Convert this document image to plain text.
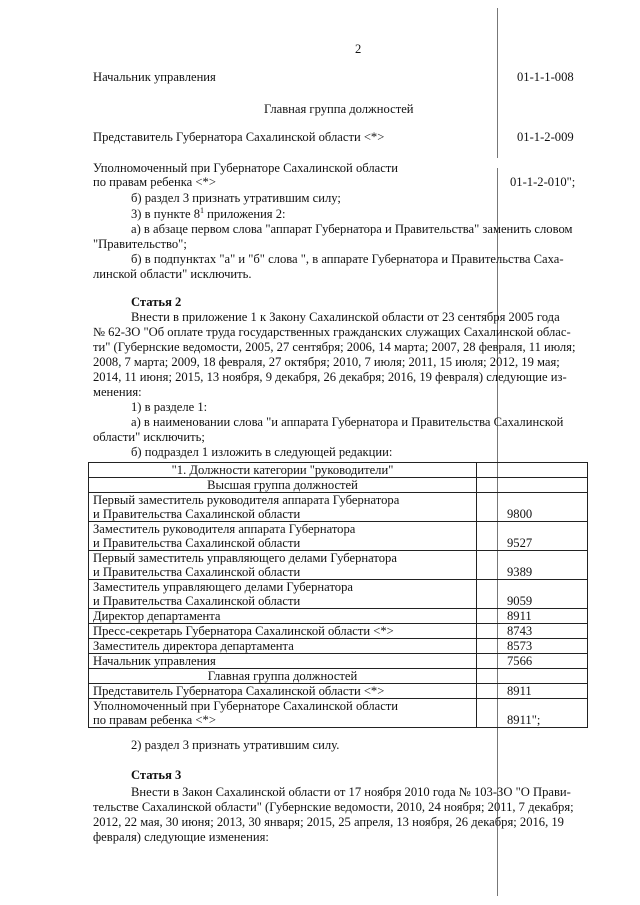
2
Начальник управления	01-1-1-008
Главная группа должностей
Представитель Губернатора Сахалинской области <*>	01-1-2-009
Уполномоченный при Губернаторе Сахалинской области
по правам ребенка <*>	01-1-2-010";
б) раздел 3 признать утратившим силу;
3) в пункте $8^1$ приложения 2:
а) в абзаце первом слова "аппарат Губернатора и Правительства" заменить словом
"Правительство";
б) в подпунктах "а" и "б" слова ", в аппарате Губернатора и Правительства Саха-
линской области" исключить.
Статья 2
Внести в приложение 1 к Закону Сахалинской области от 23 сентября 2005 года
№ 62-ЗО "Об оплате труда государственных гражданских служащих Сахалинской облас-
ти" (Губернские ведомости, 2005, 27 сентября; 2006, 14 марта; 2007, 28 февраля, 11 июля;
2008, 7 марта; 2009, 18 февраля, 27 октября; 2010, 7 июля; 2011, 15 июля; 2012, 19 мая;
2014, 11 июня; 2015, 13 ноября, 9 декабря, 26 декабря; 2016, 19 февраля) следующие из-
менения:
1) в разделе 1:
а) в наименовании слова "и аппарата Губернатора и Правительства Сахалинской
области" исключить;
б) подраздел 1 изложить в следующей редакции:
"1. Должности категории "руководители"	
Высшая группа должностей	

Первый заместитель руководителя аппарата Губернатора
и Правительства Сахалинской области	9800

Заместитель руководителя аппарата Губернатора
и Правительства Сахалинской области	9527

Первый заместитель управляющего делами Губернатора
и Правительства Сахалинской области	9389

Заместитель управляющего делами Губернатора
и Правительства Сахалинской области	9059
Директор департамента	8911
Пресс-секретарь Губернатора Сахалинской области <*>	8743
Заместитель директора департамента	8573
Начальник управления	7566
Главная группа должностей	
Представитель Губернатора Сахалинской области <*>	8911

Уполномоченный при Губернаторе Сахалинской области
по правам ребенка <*>	8911";
2) раздел 3 признать утратившим силу.
Статья 3
Внести в Закон Сахалинской области от 17 ноября 2010 года № 103-ЗО "О Прави-
тельстве Сахалинской области" (Губернские ведомости, 2010, 24 ноября; 2011, 7 декабря;
2012, 22 мая, 30 июня; 2013, 30 января; 2015, 25 апреля, 13 ноября, 26 декабря; 2016, 19
февраля) следующие изменения:
